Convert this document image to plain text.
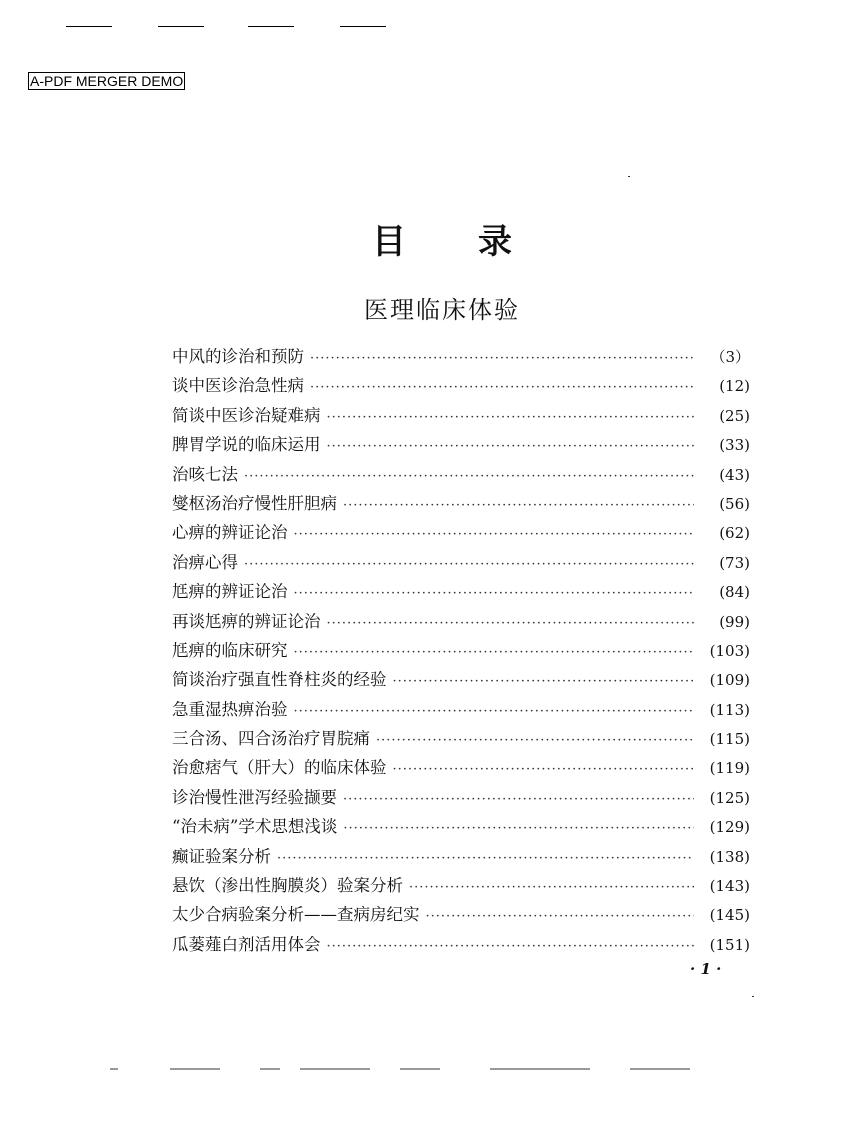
A-PDF MERGER DEMO
目 录
医理临床体验
中风的诊治和预防 ·····	（3）
谈中医诊治急性病 ·····	(12)
简谈中医诊治疑难病 ·····	(25)
脾胃学说的临床运用 ·····	(33)
治咳七法 ·····	(43)
燮枢汤治疗慢性肝胆病 ·····	(56)
心痹的辨证论治 ·····	(62)
治痹心得 ·····	(73)
尪痹的辨证论治 ·····	(84)
再谈尪痹的辨证论治 ·····	(99)
尪痹的临床研究 ·····	(103)
简谈治疗强直性脊柱炎的经验 ·····	(109)
急重湿热痹治验 ·····	(113)
三合汤、四合汤治疗胃脘痛 ·····	(115)
治愈痞气（肝大）的临床体验 ·····	(119)
诊治慢性泄泻经验撷要 ·····	(125)
“治未病”学术思想浅谈 ·····	(129)
癫证验案分析 ·····	(138)
悬饮（渗出性胸膜炎）验案分析 ·····	(143)
太少合病验案分析——查病房纪实 ·····	(145)
瓜蒌薤白剂活用体会 ·····	(151)
· 1 ·
